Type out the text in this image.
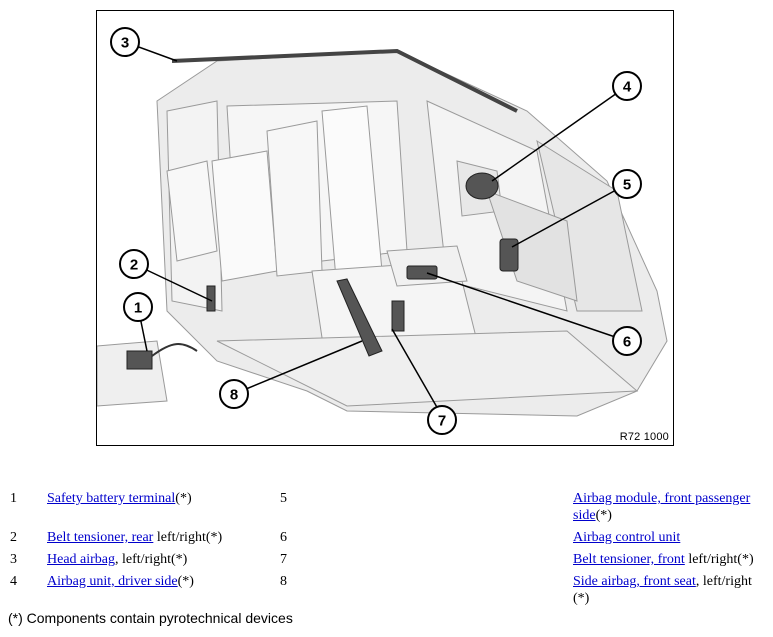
1
2
3
4
5
6
7
8
R72 1000
1 Safety battery terminal(*)	5	Airbag module, front passenger side(*)
2 Belt tensioner, rear left/right(*)	6	Airbag control unit
3 Head airbag, left/right(*)	7	Belt tensioner, front left/right(*)
4 Airbag unit, driver side(*)	8	Side airbag, front seat, left/right (*)
(*) Components contain pyrotechnical devices
